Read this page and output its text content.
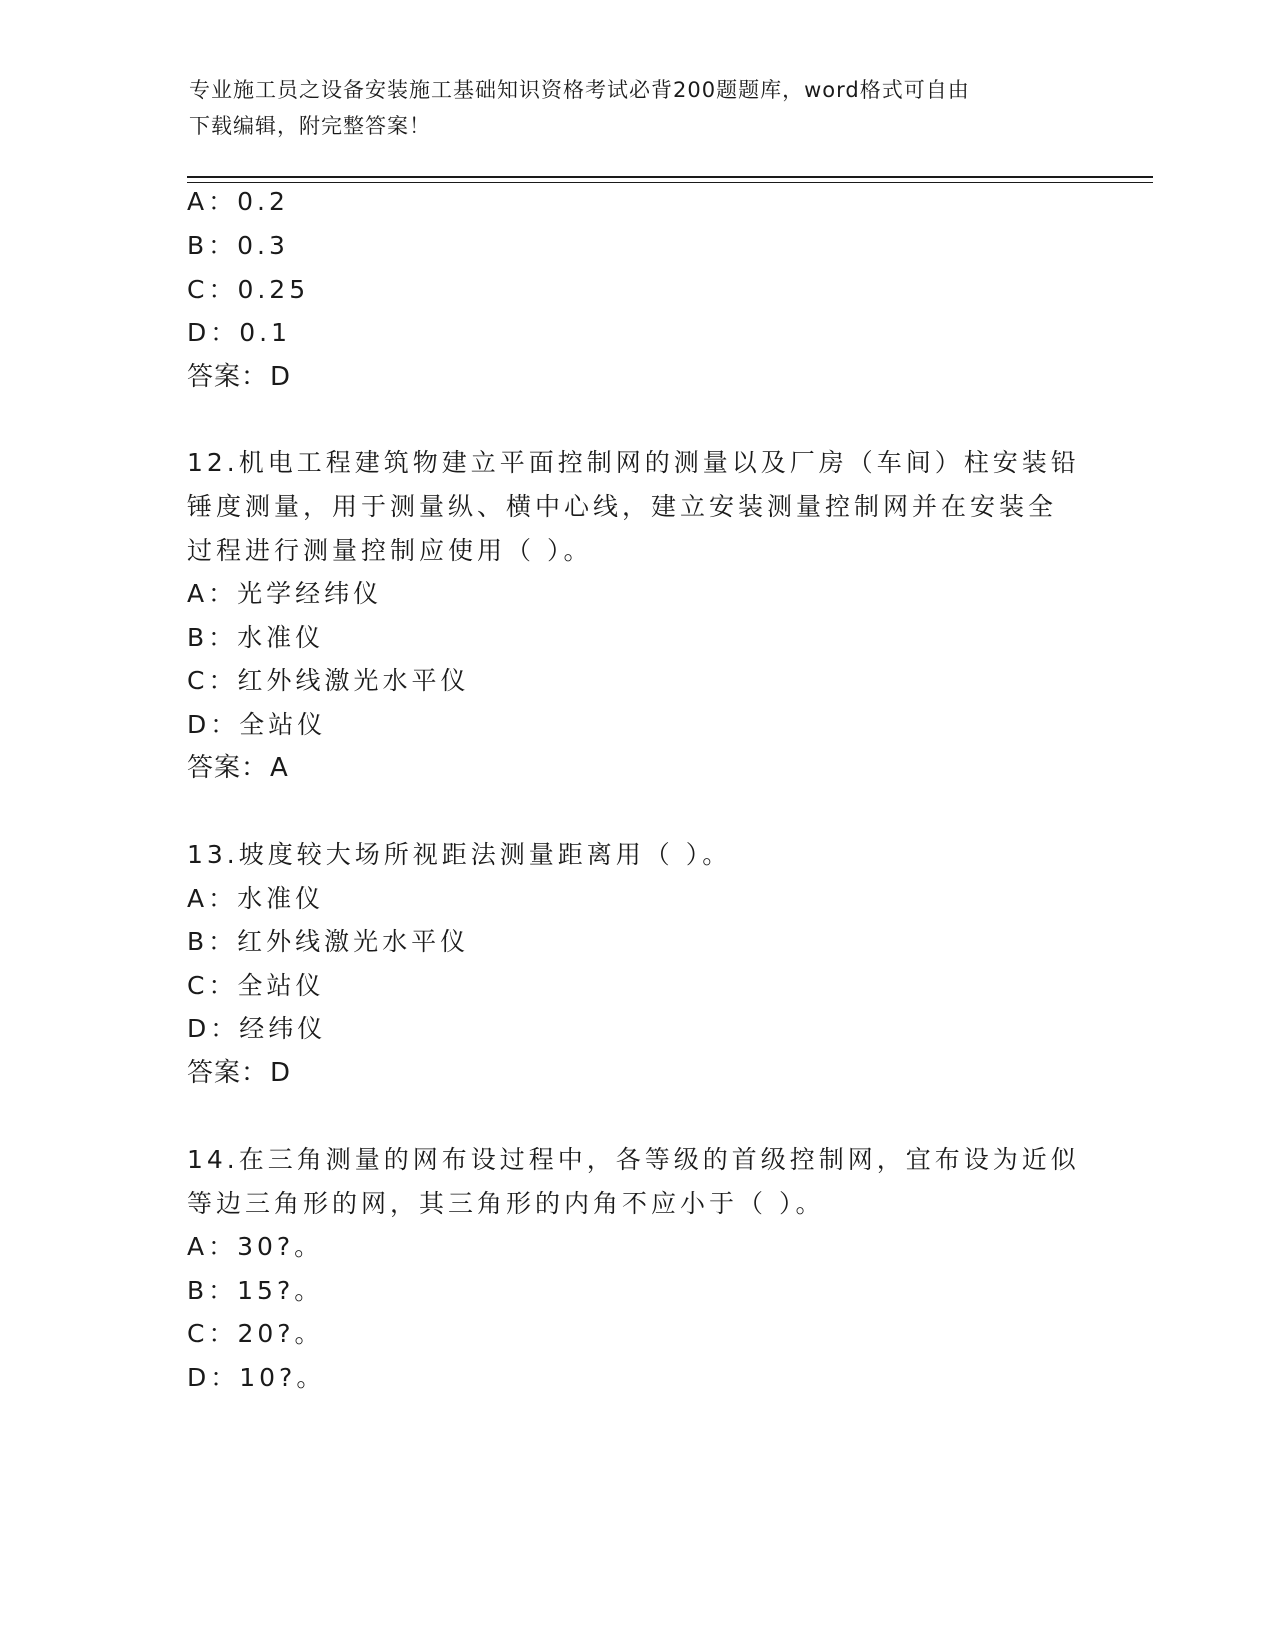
专业施工员之设备安装施工基础知识资格考试必背200题题库，word格式可自由
下载编辑，附完整答案！
A：0.2
B：0.3
C：0.25
D：0.1
答案：D
12.机电工程建筑物建立平面控制网的测量以及厂房（车间）柱安装铅
锤度测量，用于测量纵、横中心线，建立安装测量控制网并在安装全
过程进行测量控制应使用（ ）。
A：光学经纬仪
B：水准仪
C：红外线激光水平仪
D：全站仪
答案：A
13.坡度较大场所视距法测量距离用（ ）。
A：水准仪
B：红外线激光水平仪
C：全站仪
D：经纬仪
答案：D
14.在三角测量的网布设过程中，各等级的首级控制网，宜布设为近似
等边三角形的网，其三角形的内角不应小于（ ）。
A：30?。
B：15?。
C：20?。
D：10?。
